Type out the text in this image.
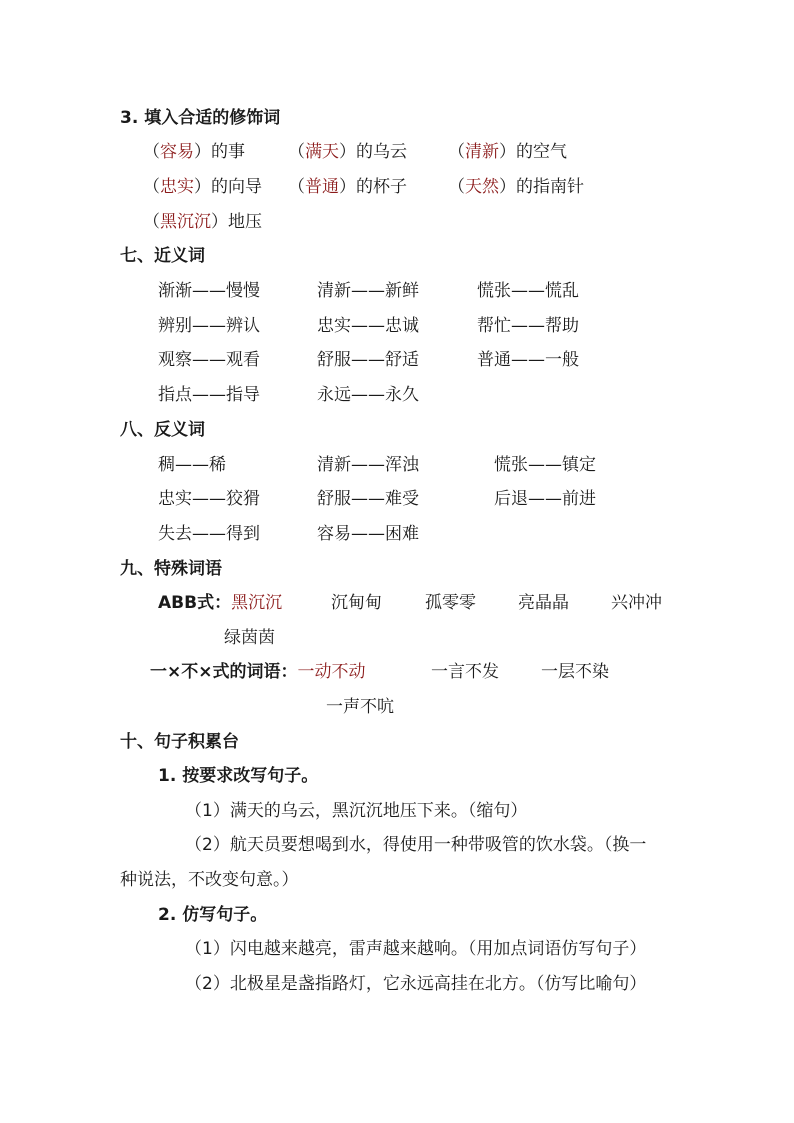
3. 填入合适的修饰词
（容易）的事	（满天）的乌云 （清新）的空气
（忠实）的向导 （普通）的杯子 （天然）的指南针
（黑沉沉）地压
七、近义词
渐渐——慢慢	清新——新鲜	慌张——慌乱
辨别——辨认	忠实——忠诚	帮忙——帮助
观察——观看	舒服——舒适	普通——一般
指点——指导	永远——永久
八、反义词
稠——稀	清新——浑浊	慌张——镇定
忠实——狡猾	舒服——难受	后退——前进
失去——得到	容易——困难
九、特殊词语
ABB式：黑沉沉	沉甸甸	孤零零 亮晶晶 兴冲冲
绿茵茵
一×不×式的词语：一动不动	一言不发 一层不染
一声不吭
十、句子积累台
1. 按要求改写句子。
（1）满天的乌云，黑沉沉地压下来。（缩句）
（2）航天员要想喝到水，得使用一种带吸管的饮水袋。（换一
种说法，不改变句意。）
2. 仿写句子。
（1）闪电越来越亮，雷声越来越响。（用加点词语仿写句子）
（2）北极星是盏指路灯，它永远高挂在北方。（仿写比喻句）
